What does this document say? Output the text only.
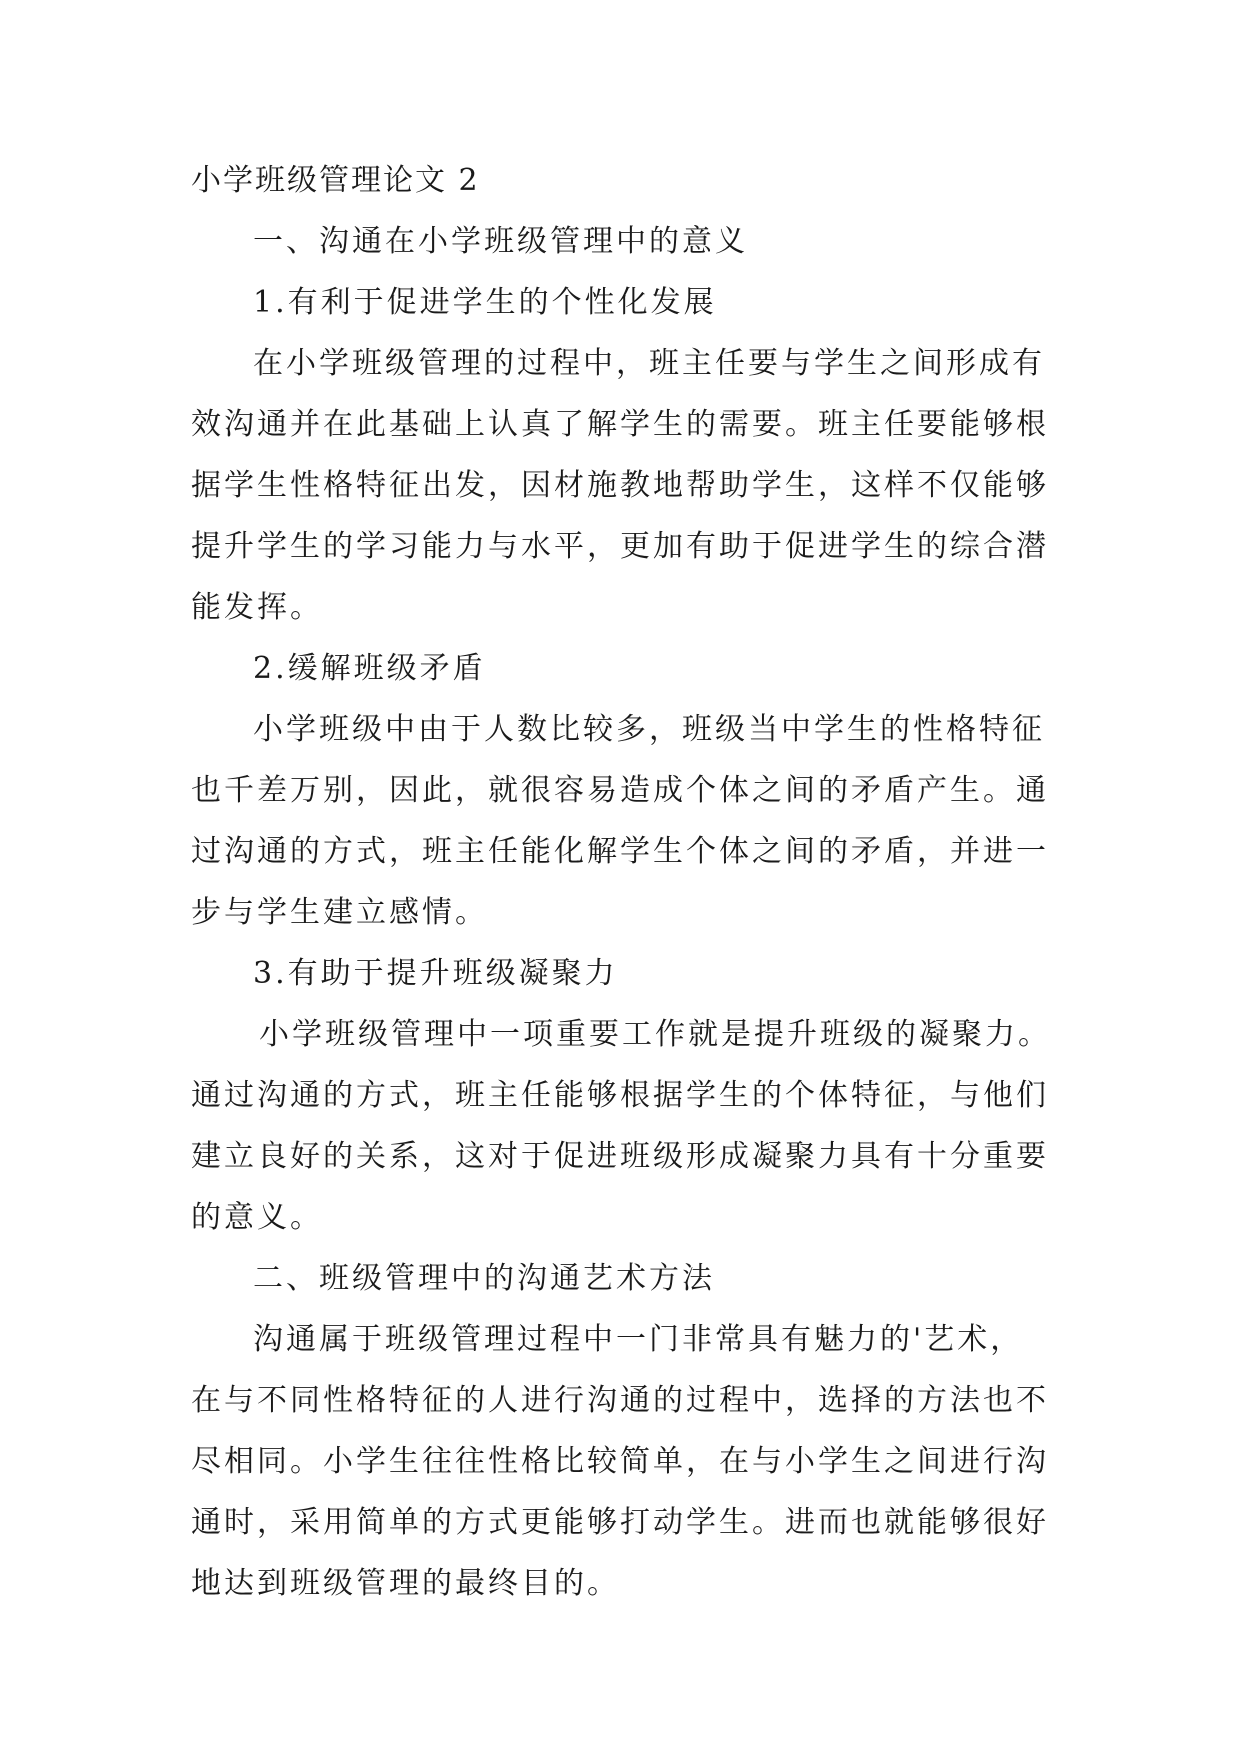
小学班级管理论文 2
一、沟通在小学班级管理中的意义
1.有利于促进学生的个性化发展
在小学班级管理的过程中，班主任要与学生之间形成有
效沟通并在此基础上认真了解学生的需要。班主任要能够根
据学生性格特征出发，因材施教地帮助学生，这样不仅能够
提升学生的学习能力与水平，更加有助于促进学生的综合潜
能发挥。
2.缓解班级矛盾
小学班级中由于人数比较多，班级当中学生的性格特征
也千差万别，因此，就很容易造成个体之间的矛盾产生。通
过沟通的方式，班主任能化解学生个体之间的矛盾，并进一
步与学生建立感情。
3.有助于提升班级凝聚力
小学班级管理中一项重要工作就是提升班级的凝聚力。
通过沟通的方式，班主任能够根据学生的个体特征，与他们
建立良好的关系，这对于促进班级形成凝聚力具有十分重要
的意义。
二、班级管理中的沟通艺术方法
沟通属于班级管理过程中一门非常具有魅力的'艺术，
在与不同性格特征的人进行沟通的过程中，选择的方法也不
尽相同。小学生往往性格比较简单，在与小学生之间进行沟
通时，采用简单的方式更能够打动学生。进而也就能够很好
地达到班级管理的最终目的。
